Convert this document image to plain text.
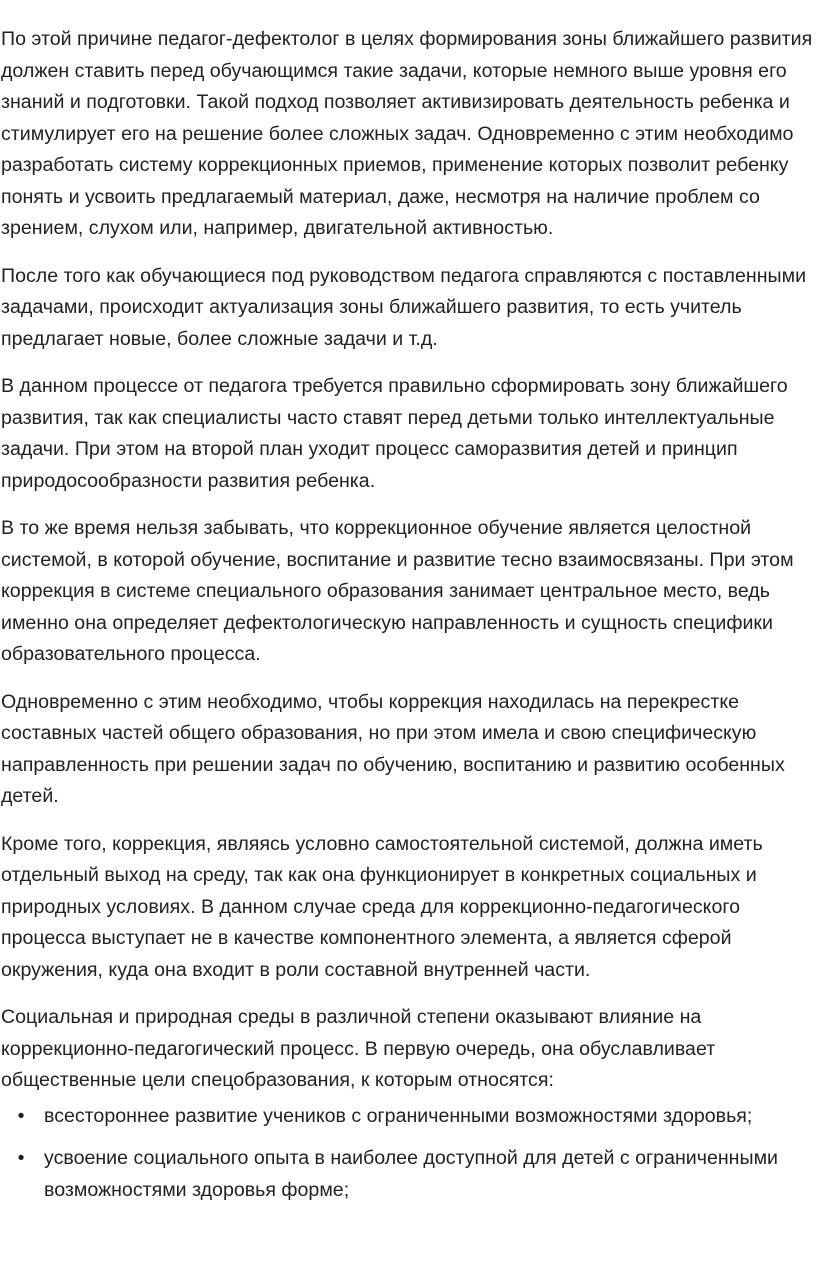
По этой причине педагог-дефектолог в целях формирования зоны ближайшего развития должен ставить перед обучающимся такие задачи, которые немного выше уровня его знаний и подготовки. Такой подход позволяет активизировать деятельность ребенка и стимулирует его на решение более сложных задач. Одновременно с этим необходимо разработать систему коррекционных приемов, применение которых позволит ребенку понять и усвоить предлагаемый материал, даже, несмотря на наличие проблем со зрением, слухом или, например, двигательной активностью.

После того как обучающиеся под руководством педагога справляются с поставленными задачами, происходит актуализация зоны ближайшего развития, то есть учитель предлагает новые, более сложные задачи и т.д.

В данном процессе от педагога требуется правильно сформировать зону ближайшего развития, так как специалисты часто ставят перед детьми только интеллектуальные задачи. При этом на второй план уходит процесс саморазвития детей и принцип природосообразности развития ребенка.

В то же время нельзя забывать, что коррекционное обучение является целостной системой, в которой обучение, воспитание и развитие тесно взаимосвязаны. При этом коррекция в системе специального образования занимает центральное место, ведь именно она определяет дефектологическую направленность и сущность специфики образовательного процесса.

Одновременно с этим необходимо, чтобы коррекция находилась на перекрестке составных частей общего образования, но при этом имела и свою специфическую направленность при решении задач по обучению, воспитанию и развитию особенных детей.

Кроме того, коррекция, являясь условно самостоятельной системой, должна иметь отдельный выход на среду, так как она функционирует в конкретных социальных и природных условиях. В данном случае среда для коррекционно-педагогического процесса выступает не в качестве компонентного элемента, а является сферой окружения, куда она входит в роли составной внутренней части.

Социальная и природная среды в различной степени оказывают влияние на коррекционно-педагогический процесс. В первую очередь, она обуславливает общественные цели спецобразования, к которым относятся:

• всестороннее развитие учеников с ограниченными возможностями здоровья;
• усвоение социального опыта в наиболее доступной для детей с ограниченными возможностями здоровья форме;
